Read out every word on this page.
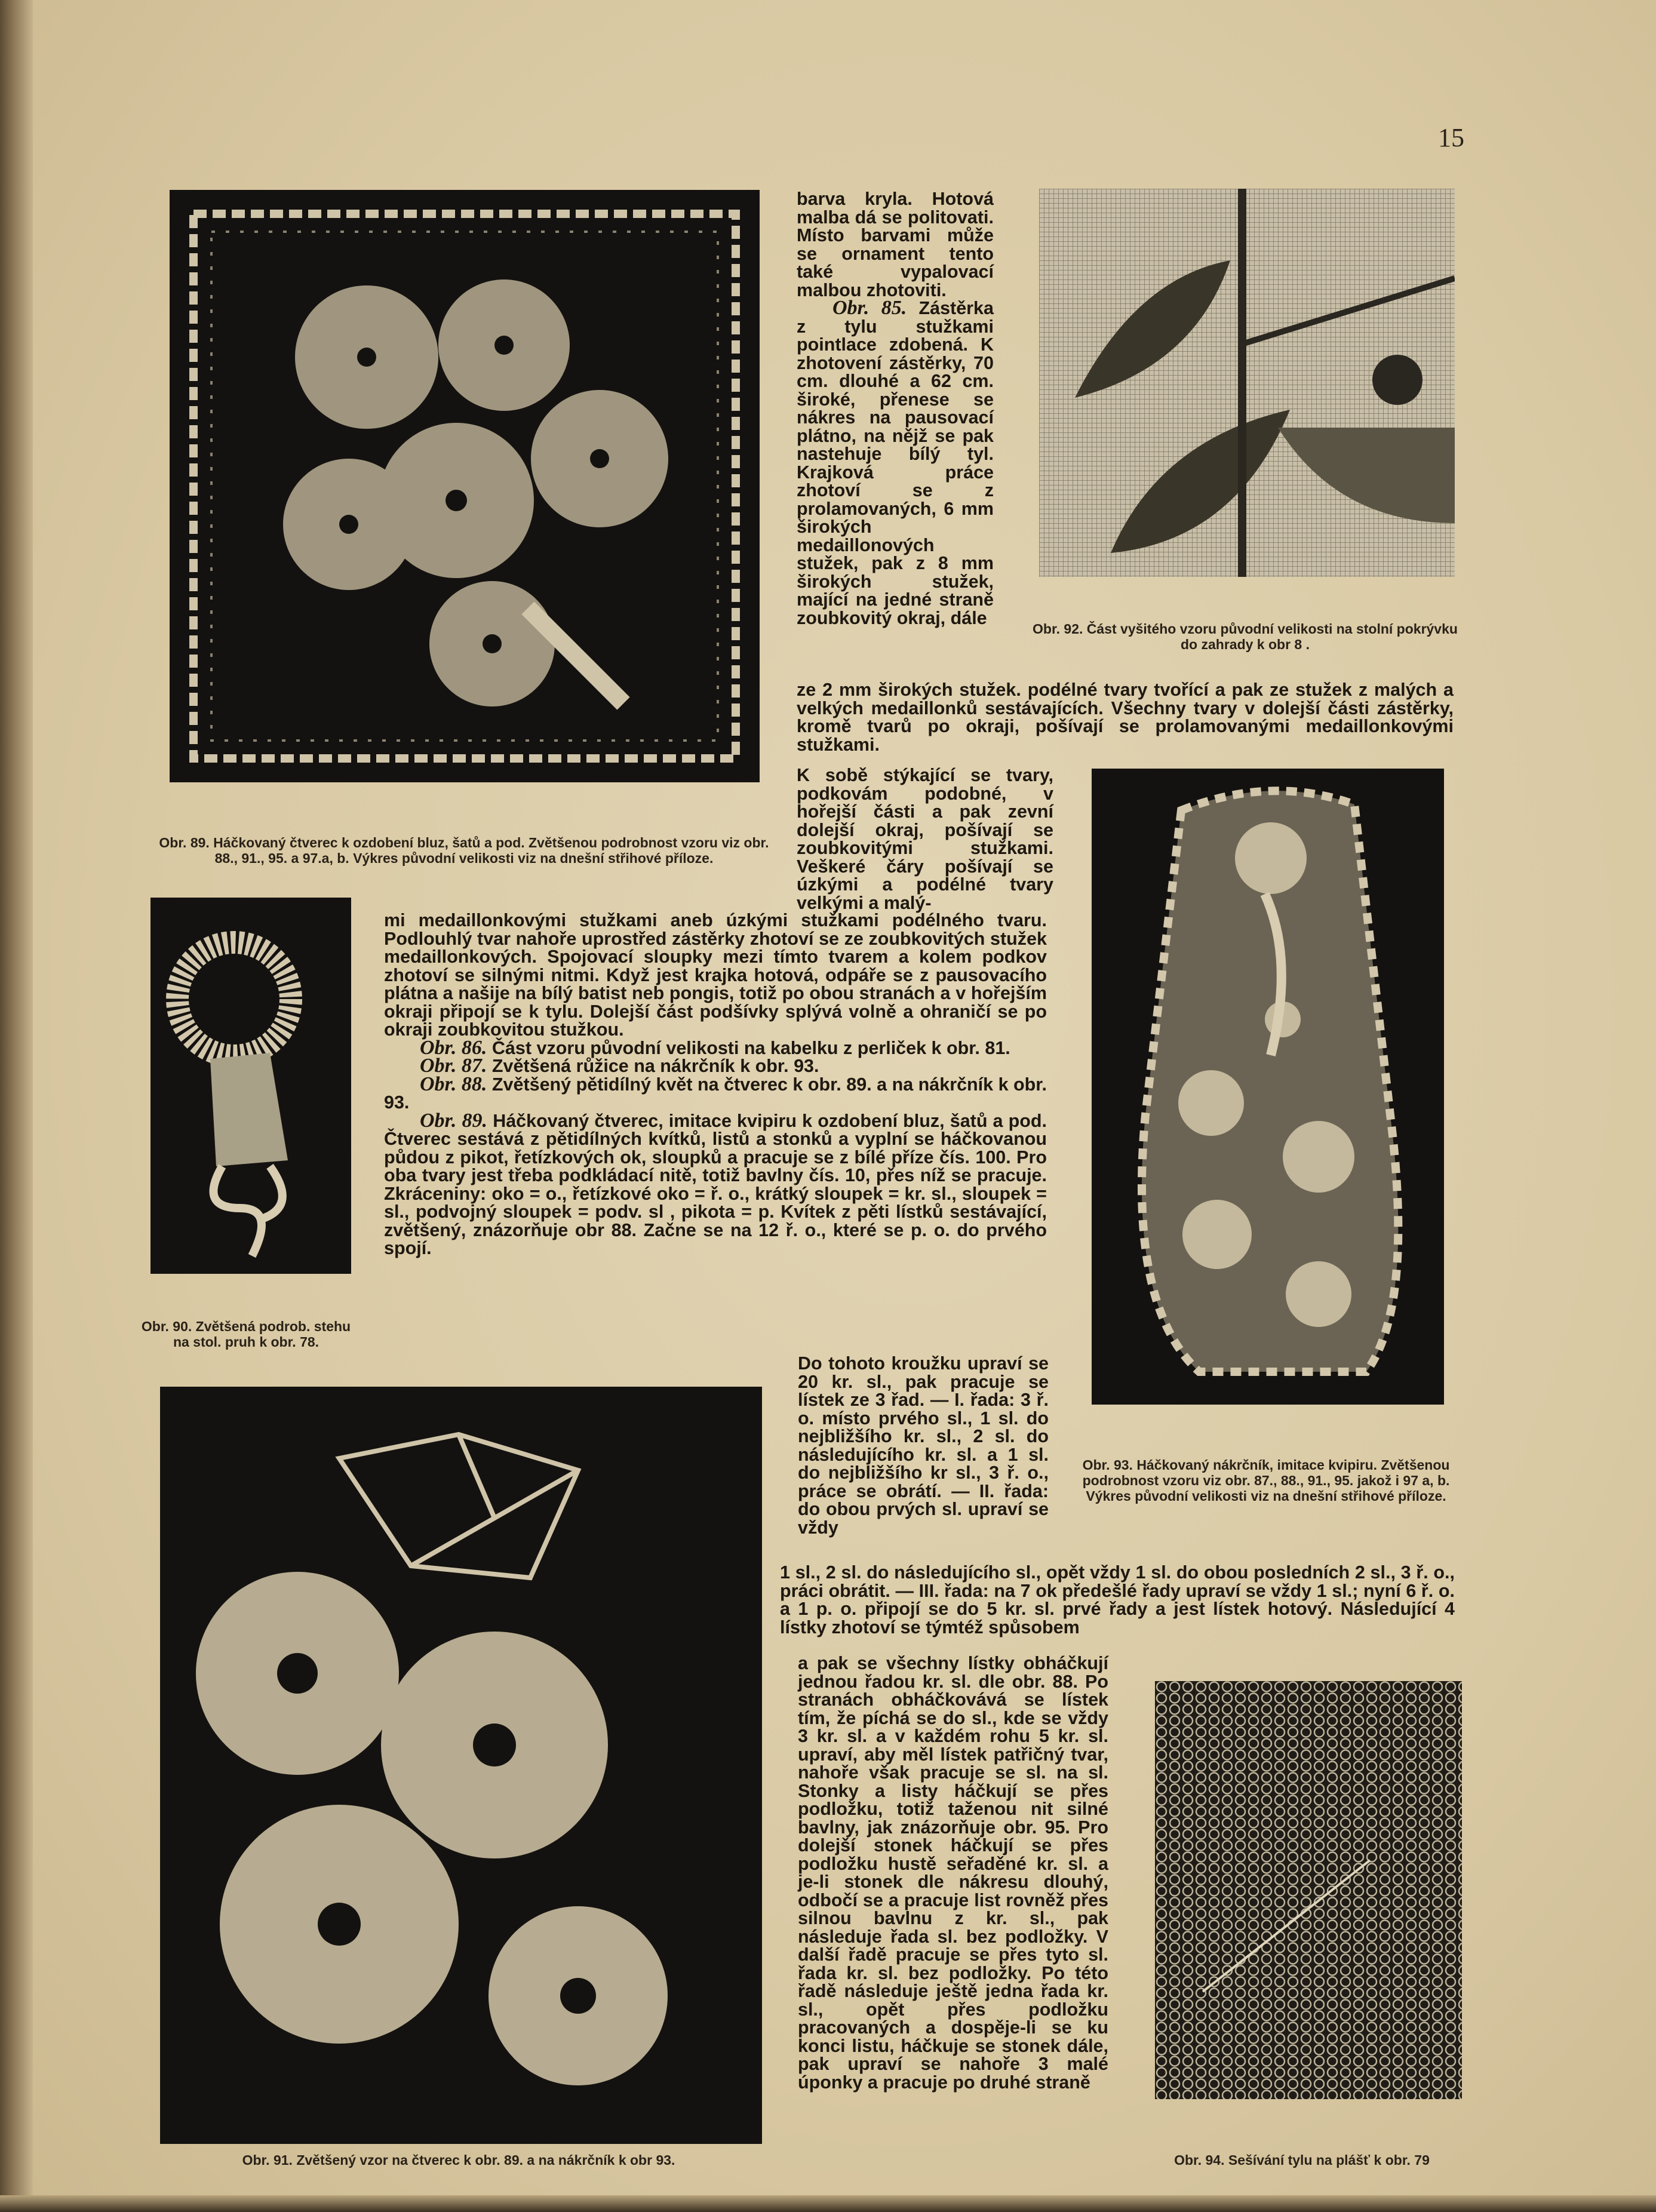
15
Obr. 89. Háčkovaný čtverec k ozdobení bluz, šatů a pod. Zvětšenou podrobnost vzoru viz obr. 88., 91., 95. a 97.a, b. Výkres původní velikosti viz na dnešní střihové příloze.
Obr. 92. Část vyšitého vzoru původní velikosti na stolní pokrývku do zahrady k obr 8 .
Obr. 90. Zvětšená podrob. stehu na stol. pruh k obr. 78.
Obr. 93. Háčkovaný nákrčník, imitace kvipiru. Zvětšenou podrobnost vzoru viz obr. 87., 88., 91., 95. jakož i 97 a, b. Výkres původní velikosti viz na dnešní střihové příloze.
Obr. 91. Zvětšený vzor na čtverec k obr. 89. a na nákrčník k obr 93.	Obr. 94. Sešívání tylu na plášť k obr. 79

barva kryla. Hotová malba dá se politovati. Místo barvami může se ornament tento také vypalovací malbou zhotoviti.

Obr. 85. Zástěrka z tylu stužkami pointlace zdobená. K zhotovení zástěrky, 70 cm. dlouhé a 62 cm. široké, přenese se nákres na pausovací plátno, na nějž se pak nastehuje bílý tyl. Krajková práce zhotoví se z prolamovaných, 6 mm širokých medaillonových stužek, pak z 8 mm širokých stužek, mající na jedné straně zoubkovitý okraj, dále

ze 2 mm širokých stužek. podélné tvary tvořící a pak ze stužek z malých a velkých medaillonků sestávajících. Všechny tvary v dolejší části zástěrky, kromě tvarů po okraji, pošívají se prolamovanými medaillonkovými stužkami.
K sobě stýkající se tvary, podkovám podobné, v hořejší části a pak zevní dolejší okraj, pošívají se zoubkovitými stužkami. Veškeré čáry pošívají se úzkými a podélné tvary velkými a malý-

mi medaillonkovými stužkami aneb úzkými stužkami podélného tvaru. Podlouhlý tvar nahoře uprostřed zástěrky zhotoví se ze zoubkovitých stužek medaillonkových. Spojovací sloupky mezi tímto tvarem a kolem podkov zhotoví se silnými nitmi. Když jest krajka hotová, odpáře se z pausovacího plátna a našije na bílý batist neb pongis, totiž po obou stranách a v hořejším okraji připojí se k tylu. Dolejší část podšívky splývá volně a ohraničí se po okraji zoubkovitou stužkou.

Obr. 86. Část vzoru původní velikosti na kabelku z perliček k obr. 81.

Obr. 87. Zvětšená růžice na nákrčník k obr. 93.

Obr. 88. Zvětšený pětidílný květ na čtverec k obr. 89. a na nákrčník k obr. 93.

Obr. 89. Háčkovaný čtverec, imitace kvipiru k ozdobení bluz, šatů a pod. Čtverec sestává z pětidílných kvítků, listů a stonků a vyplní se háčkovanou půdou z pikot, řetízkových ok, sloupků a pracuje se z bílé příze čís. 100. Pro oba tvary jest třeba podkládací nitě, totiž bavlny čís. 10, přes níž se pracuje. Zkráceniny: oko = o., řetízkové oko = ř. o., krátký sloupek = kr. sl., sloupek = sl., podvojný sloupek = podv. sl , pikota = p. Kvítek z pěti lístků sestávající, zvětšený, znázorňuje obr 88. Začne se na 12 ř. o., které se p. o. do prvého spojí.

Do tohoto kroužku upraví se 20 kr. sl., pak pracuje se lístek ze 3 řad. — I. řada: 3 ř. o. místo prvého sl., 1 sl. do nejbližšího kr. sl., 2 sl. do následujícího kr. sl. a 1 sl. do nejbližšího kr sl., 3 ř. o., práce se obrátí. — II. řada: do obou prvých sl. upraví se vždy
1 sl., 2 sl. do následujícího sl., opět vždy 1 sl. do obou posledních 2 sl., 3 ř. o., práci obrátit. — III. řada: na 7 ok předešlé řady upraví se vždy 1 sl.; nyní 6 ř. o. a 1 p. o. připojí se do 5 kr. sl. prvé řady a jest lístek hotový. Následující 4 lístky zhotoví se týmtéž spůsobem
a pak se všechny lístky obháčkují jednou řadou kr. sl. dle obr. 88. Po stranách obháčkovává se lístek tím, že píchá se do sl., kde se vždy 3 kr. sl. a v každém rohu 5 kr. sl. upraví, aby měl lístek patřičný tvar, nahoře však pracuje se sl. na sl. Stonky a listy háčkují se přes podložku, totiž taženou nit silné bavlny, jak znázorňuje obr. 95. Pro dolejší stonek háčkují se přes podložku hustě seřaděné kr. sl. a je-li stonek dle nákresu dlouhý, odbočí se a pracuje list rovněž přes silnou bavlnu z kr. sl., pak následuje řada sl. bez podložky. V další řadě pracuje se přes tyto sl. řada kr. sl. bez podložky. Po této řadě následuje ještě jedna řada kr. sl., opět přes podložku pracovaných a dospěje-li se ku konci listu, háčkuje se stonek dále, pak upraví se nahoře 3 malé úponky a pracuje po druhé straně
